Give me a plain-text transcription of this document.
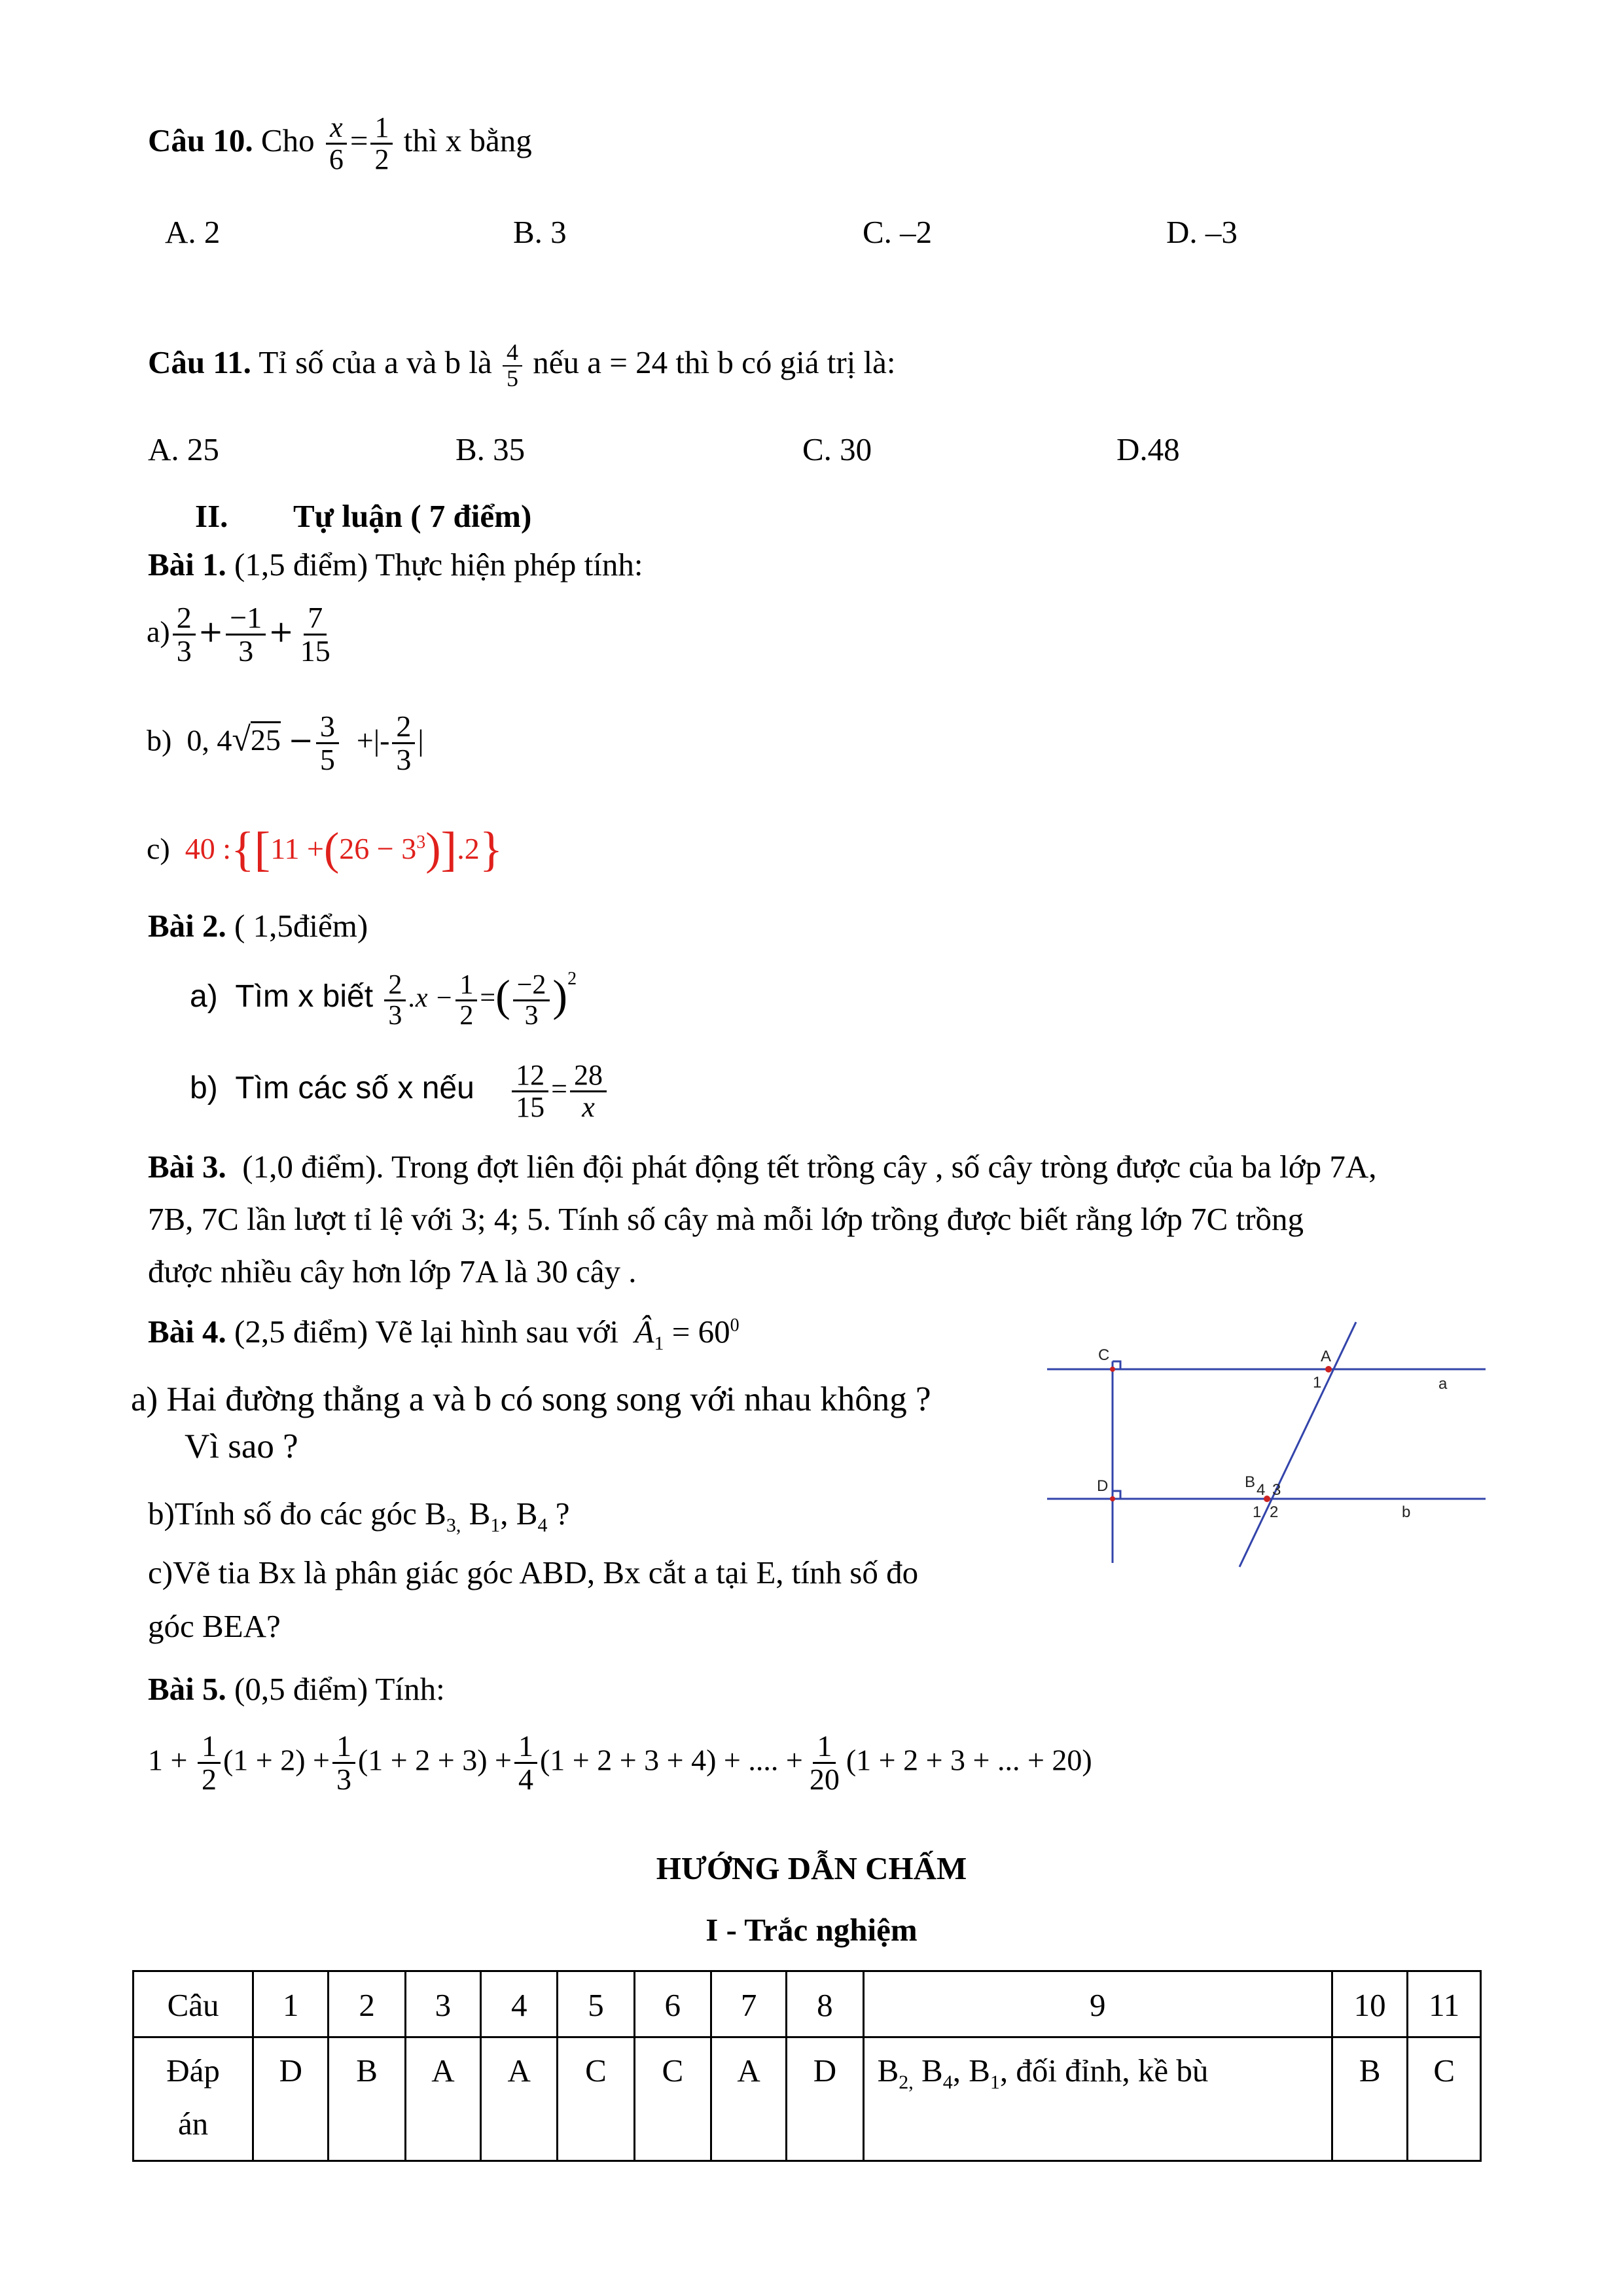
Câu 10. Cho $\frac{x}{6} = \frac{1}{2}$ thì x bằng
A. 2	B. 3	C. –2	D. –3
Câu 11. Tỉ số của a và b là $\frac{4}{5}$ nếu a = 24 thì b có giá trị là:
A. 25	B. 35	C. 30	D.48
II. Tự luận ( 7 điểm)
Bài 1. (1,5 điểm) Thực hiện phép tính:
$a) \frac{2}{3} + \frac{-1}{3} + \frac{7}{15}$
b) 0, $4√25 - \frac{3}{5}$ +|- $\frac{2}{3}$ |
c) 40 :{[11 $+(26 - 3^3)].2$}
Bài 2. ( 1,5điểm)
a) Tìm x biết $\frac{2}{3} .x - \frac{1}{2}$ =( $\frac{-2}{3} )^2$
b) Tìm các số x nếu $\frac{12}{15} = \frac{28}{x}$
Bài 3. (1,0 điểm). Trong đợt liên đội phát động tết trồng cây , số cây tròng được của ba lớp 7A,
7B, 7C lần lượt tỉ lệ với 3; 4; 5. Tính số cây mà mỗi lớp trồng được biết rằng lớp 7C trồng
được nhiều cây hơn lớp 7A là 30 cây .
Bài 4. (2,5 điểm) Vẽ lại hình sau với $Â_1 = 60^0$
a) Hai đường thẳng a và b có song song với nhau không ?
Vì sao ?
b)Tính số đo các góc $B_{3,}$ $B_1$, $B_4$ ?
c)Vẽ tia Bx là phân giác góc ABD, Bx cắt a tại E, tính số đo
góc BEA?
C	A
a
1
D	B 4 3
1 2	b
Bài 5. (0,5 điểm) Tính:
$1 + \frac{1}{2} (1 + 2) + \frac{1}{3} (1 + 2 + 3) + \frac{1}{4} (1 + 2 + 3 + 4)$ + .... + $\frac{1}{20} (1 + 2 + 3$ + ... + 20)
HƯỚNG DẪN CHẤM
I - Trắc nghiệm
Câu	1	2	3	4	5	6	7	8	9	10	11
Đáp
án	D	B	A	A	C	C	A	D	$B_{2,}$ $B_4$, $B_1$, đối đỉnh, kề bù	B	C
